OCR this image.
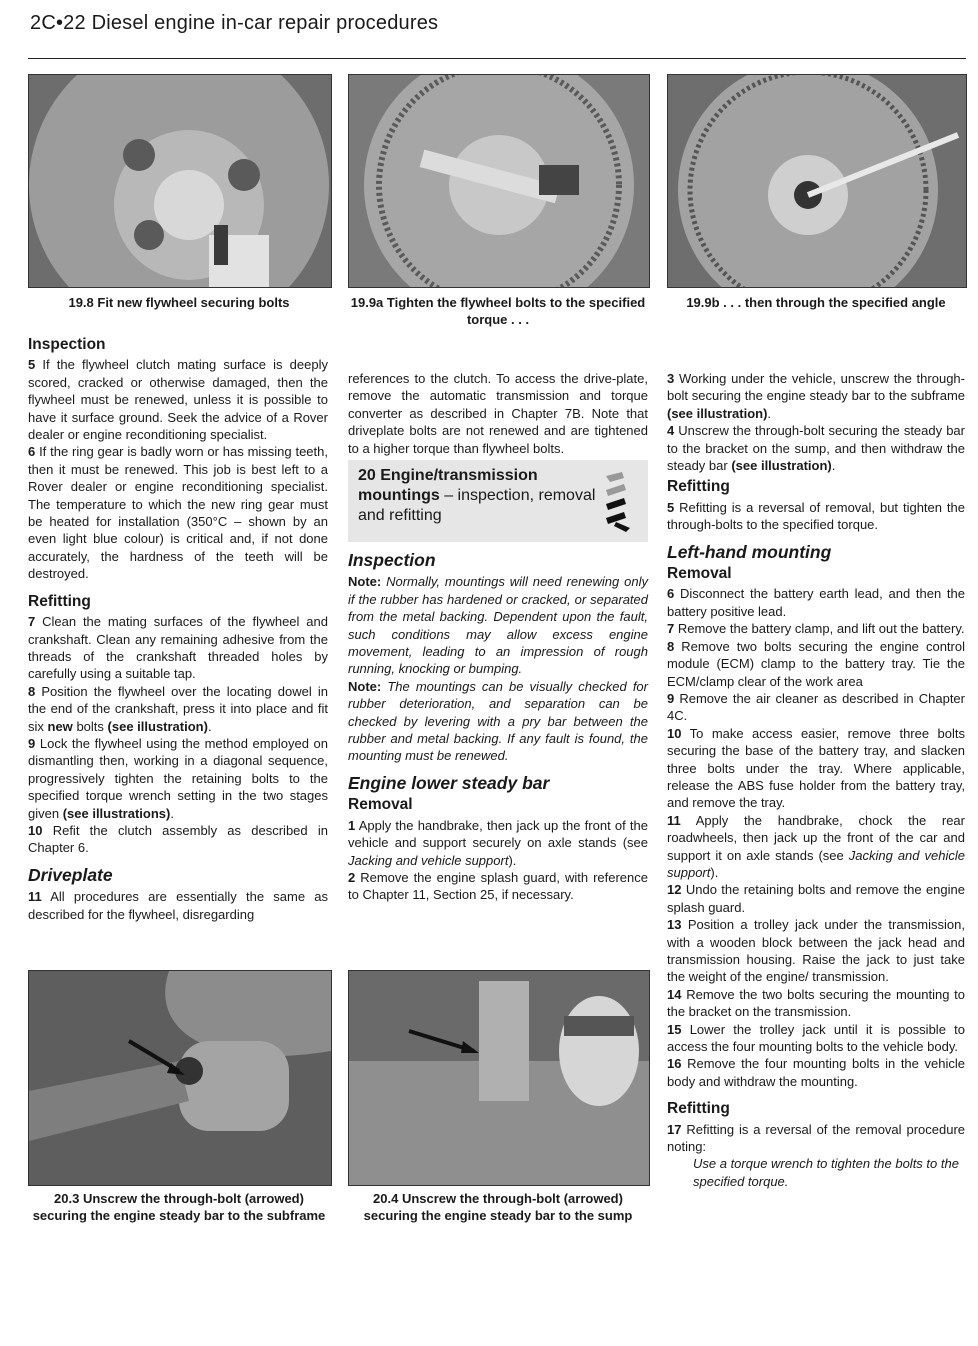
2C•22 Diesel engine in-car repair procedures
19.8 Fit new flywheel securing bolts	19.9a Tighten the flywheel bolts to the specified torque . . .
19.9b . . . then through the specified angle
Inspection

5 If the flywheel clutch mating surface is deeply scored, cracked or otherwise damaged, then the flywheel must be renewed, unless it is possible to have it surface ground. Seek the advice of a Rover dealer or engine reconditioning specialist.

6 If the ring gear is badly worn or has missing teeth, then it must be renewed. This job is best left to a Rover dealer or engine reconditioning specialist. The temperature to which the new ring gear must be heated for installation (350°C – shown by an even light blue colour) is critical and, if not done accurately, the hardness of the teeth will be destroyed.

Refitting

7 Clean the mating surfaces of the flywheel and crankshaft. Clean any remaining adhesive from the threads of the crankshaft threaded holes by carefully using a suitable tap.

8 Position the flywheel over the locating dowel in the end of the crankshaft, press it into place and fit six new bolts (see illustration).

9 Lock the flywheel using the method employed on dismantling then, working in a diagonal sequence, progressively tighten the retaining bolts to the specified torque wrench setting in the two stages given (see illustrations).

10 Refit the clutch assembly as described in Chapter 6.

Driveplate

11 All procedures are essentially the same as described for the flywheel, disregarding

references to the clutch. To access the drive-plate, remove the automatic transmission and torque converter as described in Chapter 7B. Note that driveplate bolts are not renewed and are tightened to a higher torque than flywheel bolts.

20 Engine/transmission mountings – inspection, removal and refitting
Inspection

Note: Normally, mountings will need renewing only if the rubber has hardened or cracked, or separated from the metal backing. Dependent upon the fault, such conditions may allow excess engine movement, leading to an impression of rough running, knocking or bumping.

Note: The mountings can be visually checked for rubber deterioration, and separation can be checked by levering with a pry bar between the rubber and metal backing. If any fault is found, the mounting must be renewed.

Engine lower steady bar
Removal

1 Apply the handbrake, then jack up the front of the vehicle and support securely on axle stands (see Jacking and vehicle support).

2 Remove the engine splash guard, with reference to Chapter 11, Section 25, if necessary.

3 Working under the vehicle, unscrew the through-bolt securing the engine steady bar to the subframe (see illustration).

4 Unscrew the through-bolt securing the steady bar to the bracket on the sump, and then withdraw the steady bar (see illustration).

Refitting

5 Refitting is a reversal of removal, but tighten the through-bolts to the specified torque.

Left-hand mounting
Removal

6 Disconnect the battery earth lead, and then the battery positive lead.

7 Remove the battery clamp, and lift out the battery.

8 Remove two bolts securing the engine control module (ECM) clamp to the battery tray. Tie the ECM/clamp clear of the work area

9 Remove the air cleaner as described in Chapter 4C.

10 To make access easier, remove three bolts securing the base of the battery tray, and slacken three bolts under the tray. Where applicable, release the ABS fuse holder from the battery tray, and remove the tray.

11 Apply the handbrake, chock the rear roadwheels, then jack up the front of the car and support it on axle stands (see Jacking and vehicle support).

12 Undo the retaining bolts and remove the engine splash guard.

13 Position a trolley jack under the transmission, with a wooden block between the jack head and transmission housing. Raise the jack to just take the weight of the engine/ transmission.

14 Remove the two bolts securing the mounting to the bracket on the transmission.

15 Lower the trolley jack until it is possible to access the four mounting bolts to the vehicle body.

16 Remove the four mounting bolts in the vehicle body and withdraw the mounting.

Refitting

17 Refitting is a reversal of the removal procedure noting:

Use a torque wrench to tighten the bolts to the specified torque.

20.3 Unscrew the through-bolt (arrowed) securing the engine steady bar to the subframe
20.4 Unscrew the through-bolt (arrowed) securing the engine steady bar to the sump
